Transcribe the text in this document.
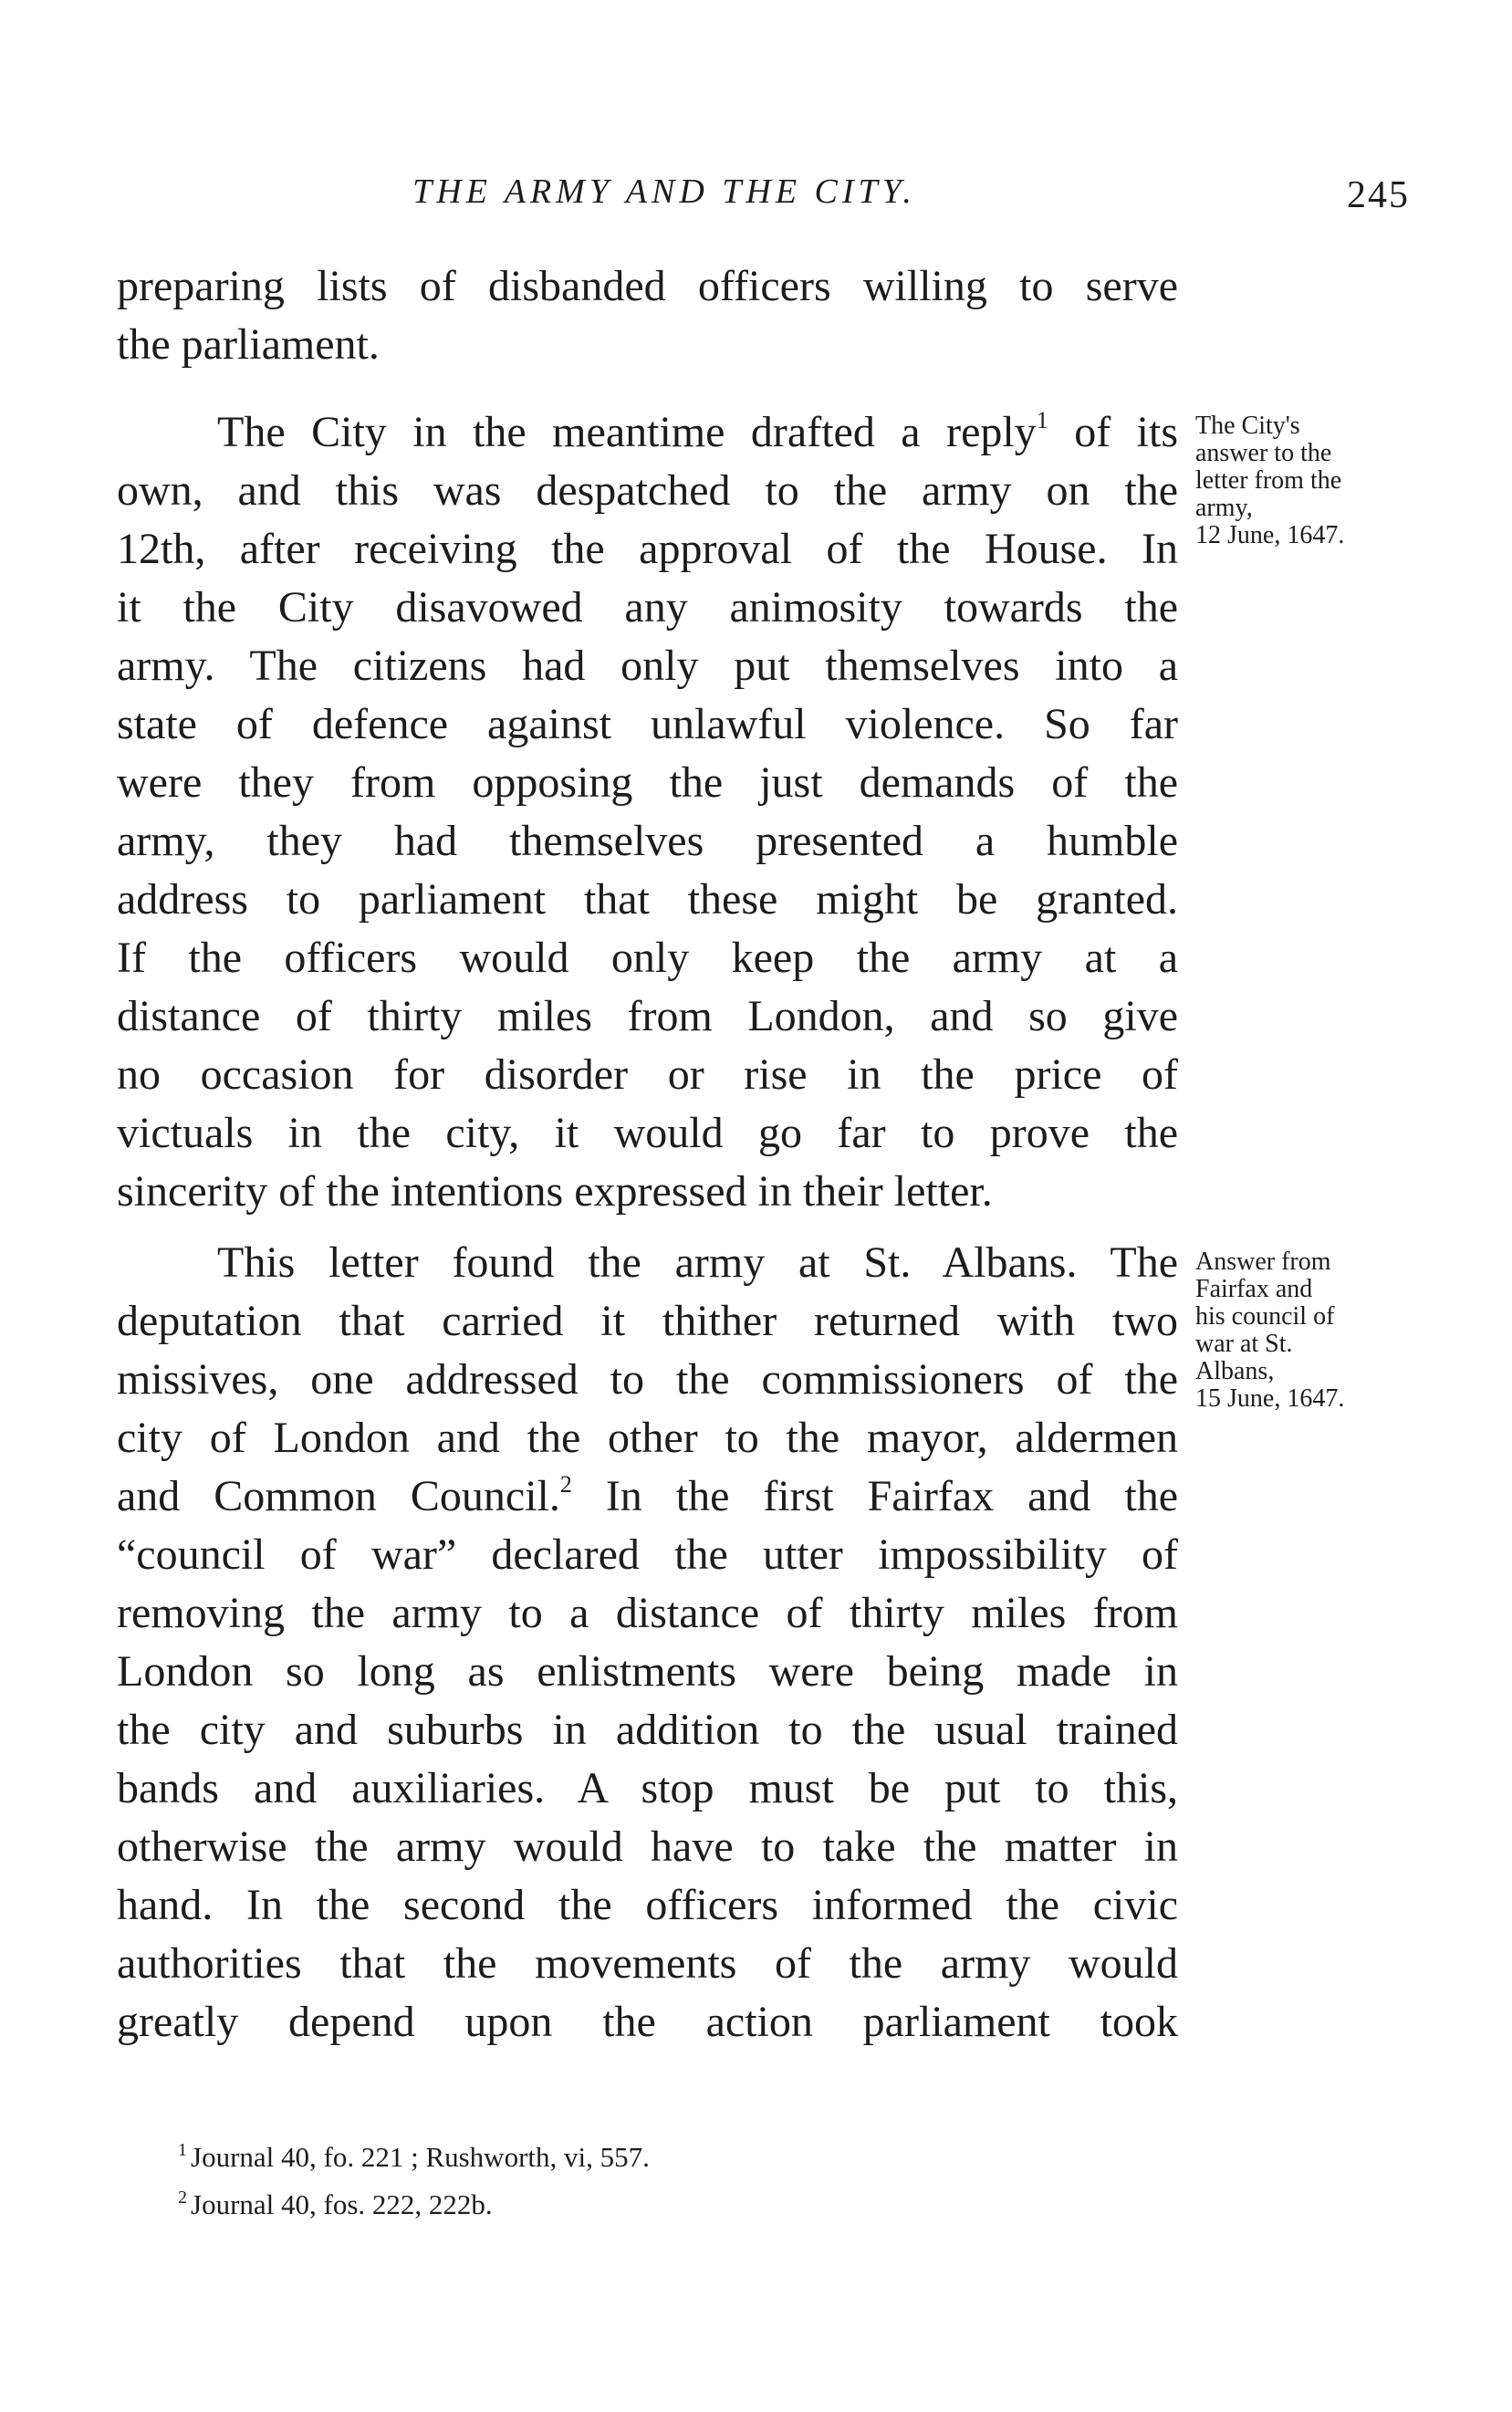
THE ARMY AND THE CITY.	245
preparing lists of disbanded officers willing to serve
the parliament.
The City in the meantime drafted a reply$^1$ of its
own, and this was despatched to the army on the
12th, after receiving the approval of the House. In
it the City disavowed any animosity towards the
army. The citizens had only put themselves into a
state of defence against unlawful violence. So far
were they from opposing the just demands of the
army, they had themselves presented a humble
address to parliament that these might be granted.
If the officers would only keep the army at a
distance of thirty miles from London, and so give
no occasion for disorder or rise in the price of
victuals in the city, it would go far to prove the
sincerity of the intentions expressed in their letter.
This letter found the army at St. Albans. The
deputation that carried it thither returned with two
missives, one addressed to the commissioners of the
city of London and the other to the mayor, aldermen
and Common Council.$^2$ In the first Fairfax and the
“council of war” declared the utter impossibility of
removing the army to a distance of thirty miles from
London so long as enlistments were being made in
the city and suburbs in addition to the usual trained
bands and auxiliaries. A stop must be put to this,
otherwise the army would have to take the matter in
hand. In the second the officers informed the civic
authorities that the movements of the army would
greatly depend upon the action parliament took
The City's
answer to the
letter from the
army,
12 June, 1647.
Answer from
Fairfax and
his council of
war at St.
Albans,
15 June, 1647.
$^1$ Journal 40, fo. 221 ; Rushworth, vi, 557.
$^2$ Journal 40, fos. 222, 222b.
